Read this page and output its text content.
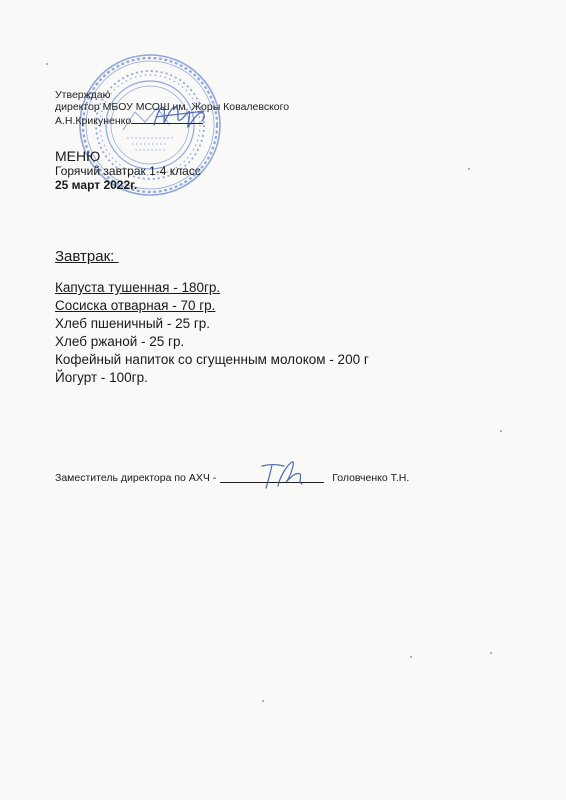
Утверждаю
директор МБОУ МСОШ им. Жоры Ковалевского
А.Н.Крикуненко
МЕНЮ
Горячий завтрак 1-4 класс
25 март 2022г.
Завтрак:
Капуста тушенная - 180гр.
Сосиска отварная - 70 гр.
Хлеб пшеничный - 25 гр.
Хлеб ржаной - 25 гр.
Кофейный напиток со сгущенным молоком - 200 г
Йогурт - 100гр.
Заместитель директора по АХЧ -	Головченко Т.Н.
